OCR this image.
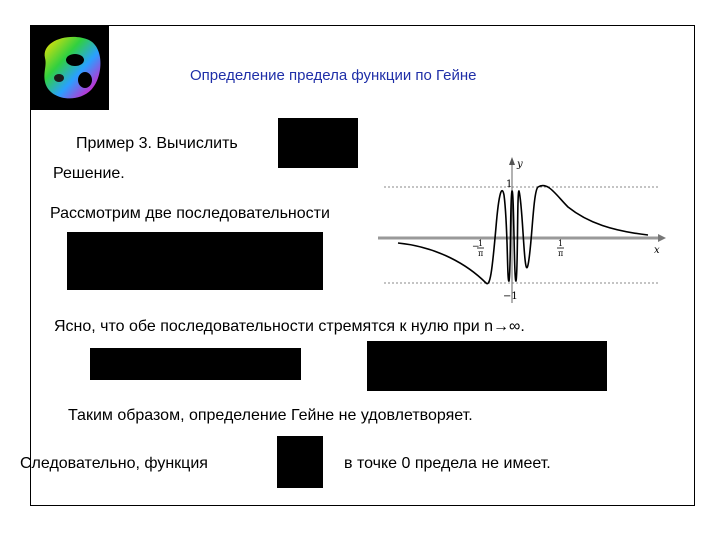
Определение предела функции по Гейне
Пример 3. Вычислить
Решение.
Рассмотрим две последовательности
1
−1
y
x
−
1
π
1
π
Ясно, что обе последовательности стремятся к нулю при n→∞.
Таким образом, определение Гейне не удовлетворяет.
Следовательно, функция	в точке 0 предела не имеет.
